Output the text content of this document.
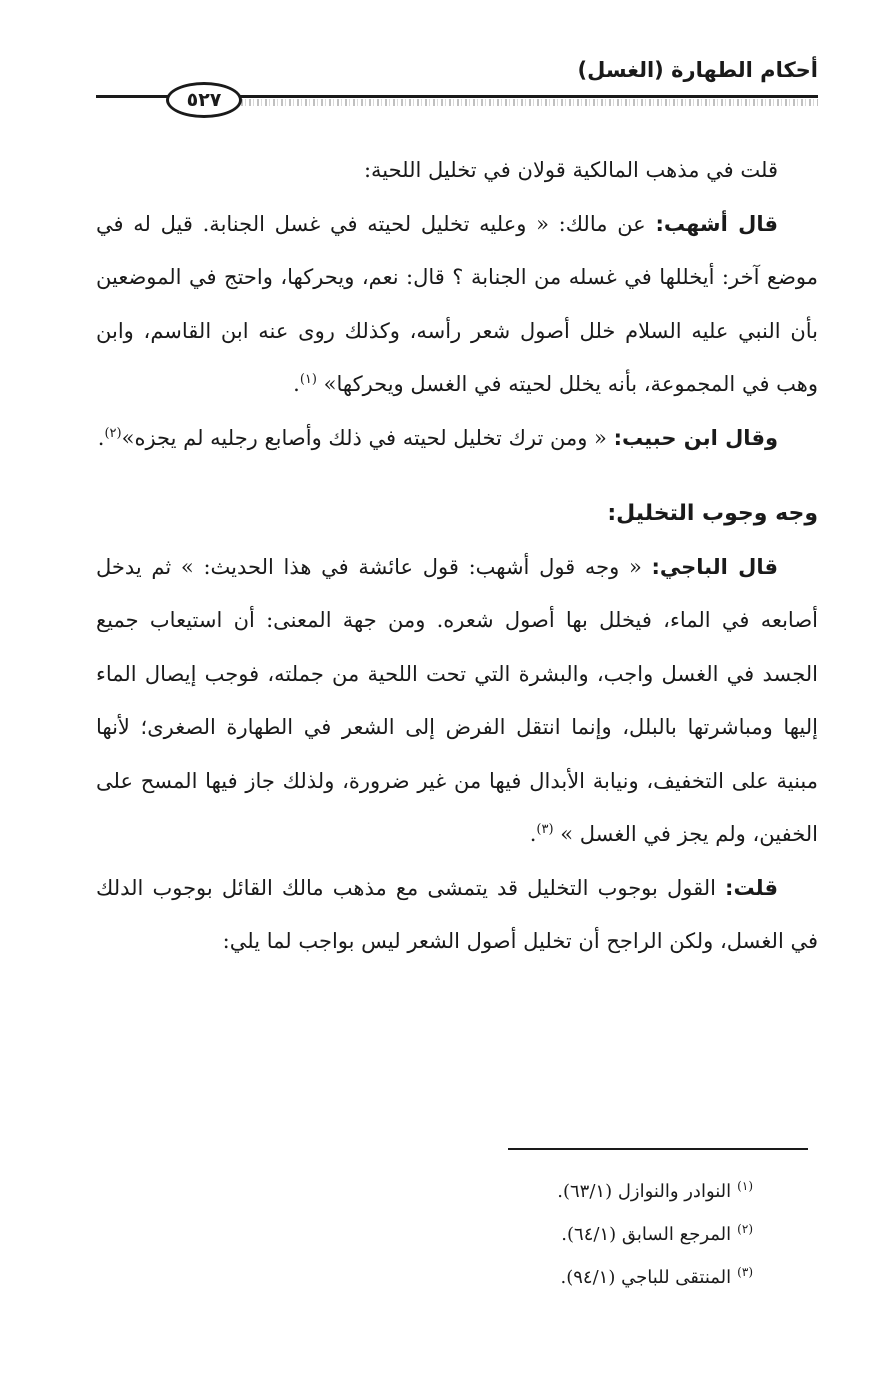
أحكام الطهارة (الغسل)
٥٢٧

قلت في مذهب المالكية قولان في تخليل اللحية:

قال أشهب: عن مالك: « وعليه تخليل لحيته في غسل الجنابة. قيل له في موضع آخر: أيخللها في غسله من الجنابة ؟ قال: نعم، ويحركها، واحتج في الموضعين بأن النبي عليه السلام خلل أصول شعر رأسه، وكذلك روى عنه ابن القاسم، وابن وهب في المجموعة، بأنه يخلل لحيته في الغسل ويحركها» $^{(١)}$.

وقال ابن حبيب: « ومن ترك تخليل لحيته في ذلك وأصابع رجليه لم يجزه»$^{(٢)}$.

وجه وجوب التخليل:

قال الباجي: « وجه قول أشهب: قول عائشة في هذا الحديث: » ثم يدخل أصابعه في الماء، فيخلل بها أصول شعره. ومن جهة المعنى: أن استيعاب جميع الجسد في الغسل واجب، والبشرة التي تحت اللحية من جملته، فوجب إيصال الماء إليها ومباشرتها بالبلل، وإنما انتقل الفرض إلى الشعر في الطهارة الصغرى؛ لأنها مبنية على التخفيف، ونيابة الأبدال فيها من غير ضرورة، ولذلك جاز فيها المسح على الخفين، ولم يجز في الغسل » $^{(٣)}$.

قلت: القول بوجوب التخليل قد يتمشى مع مذهب مالك القائل بوجوب الدلك في الغسل، ولكن الراجح أن تخليل أصول الشعر ليس بواجب لما يلي:

$^{(١)}$النوادر والنوازل (٦٣/١).
$^{(٢)}$المرجع السابق (٦٤/١).
$^{(٣)}$المنتقى للباجي (٩٤/١).
